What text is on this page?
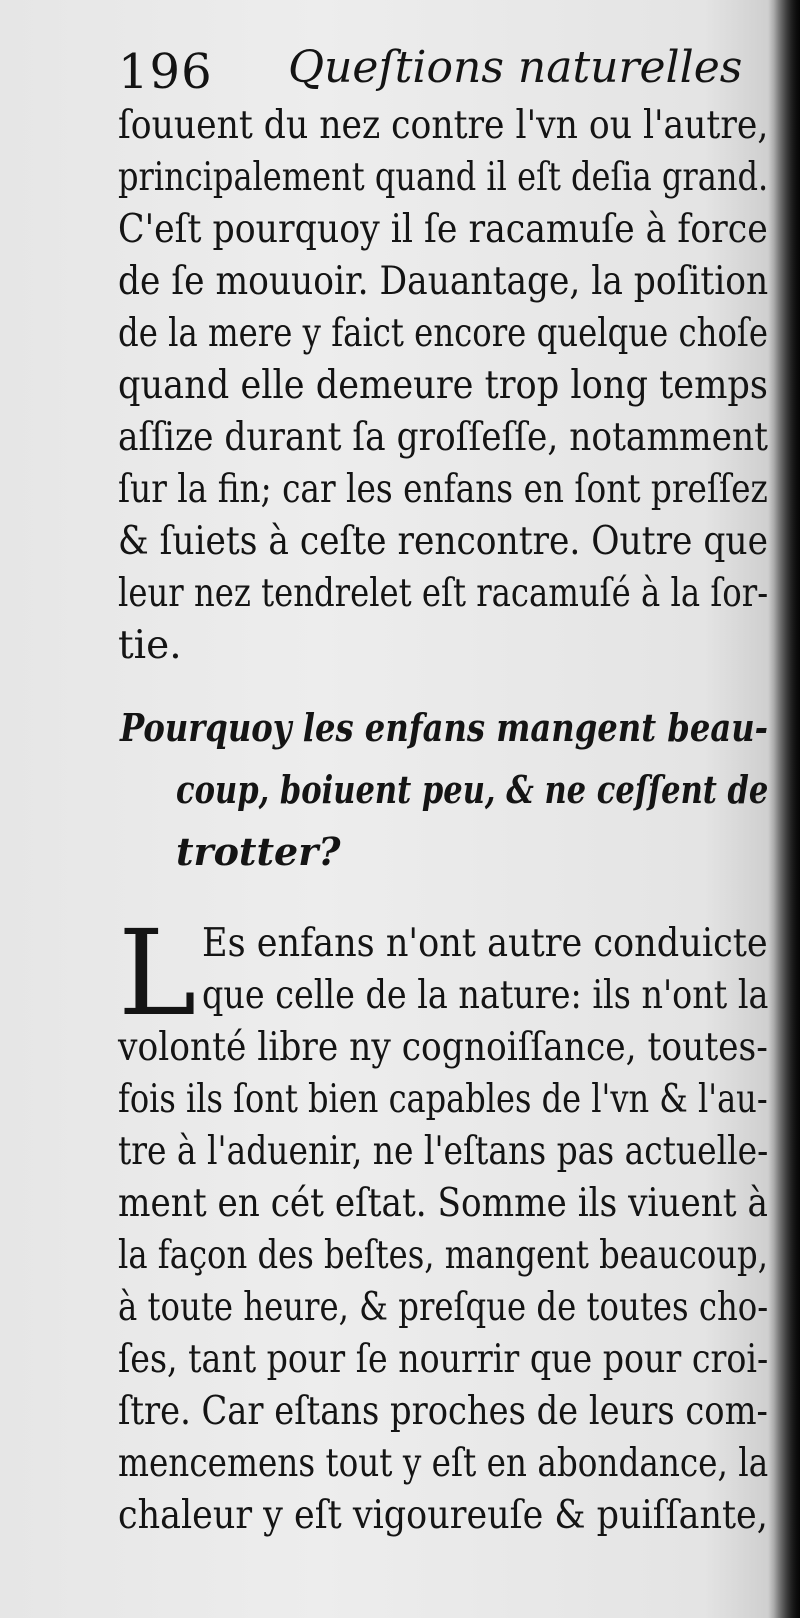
196 Queſtions naturelles
ſouuent du nez contre l'vn ou l'autre,
principalement quand il eſt deſia grand.
C'eſt pourquoy il ſe racamuſe à force
de ſe mouuoir. Dauantage, la poſition
de la mere y faict encore quelque choſe
quand elle demeure trop long temps
aſſize durant ſa groſſeſſe, notamment
ſur la fin; car les enfans en ſont preſſez
& ſuiets à ceſte rencontre. Outre que
leur nez tendrelet eſt racamuſé à la ſor-
tie.
Pourquoy les enfans mangent beau-
coup, boiuent peu, & ne ceſſent de
trotter?
L Es enfans n'ont autre conduicte
que celle de la nature: ils n'ont la
volonté libre ny cognoiſſance, toutes-
fois ils ſont bien capables de l'vn & l'au-
tre à l'aduenir, ne l'eſtans pas actuelle-
ment en cét eſtat. Somme ils viuent à
la façon des beſtes, mangent beaucoup,
à toute heure, & preſque de toutes cho-
ſes, tant pour ſe nourrir que pour croi-
ſtre. Car eſtans proches de leurs com-
mencemens tout y eſt en abondance, la
chaleur y eſt vigoureuſe & puiſſante,
